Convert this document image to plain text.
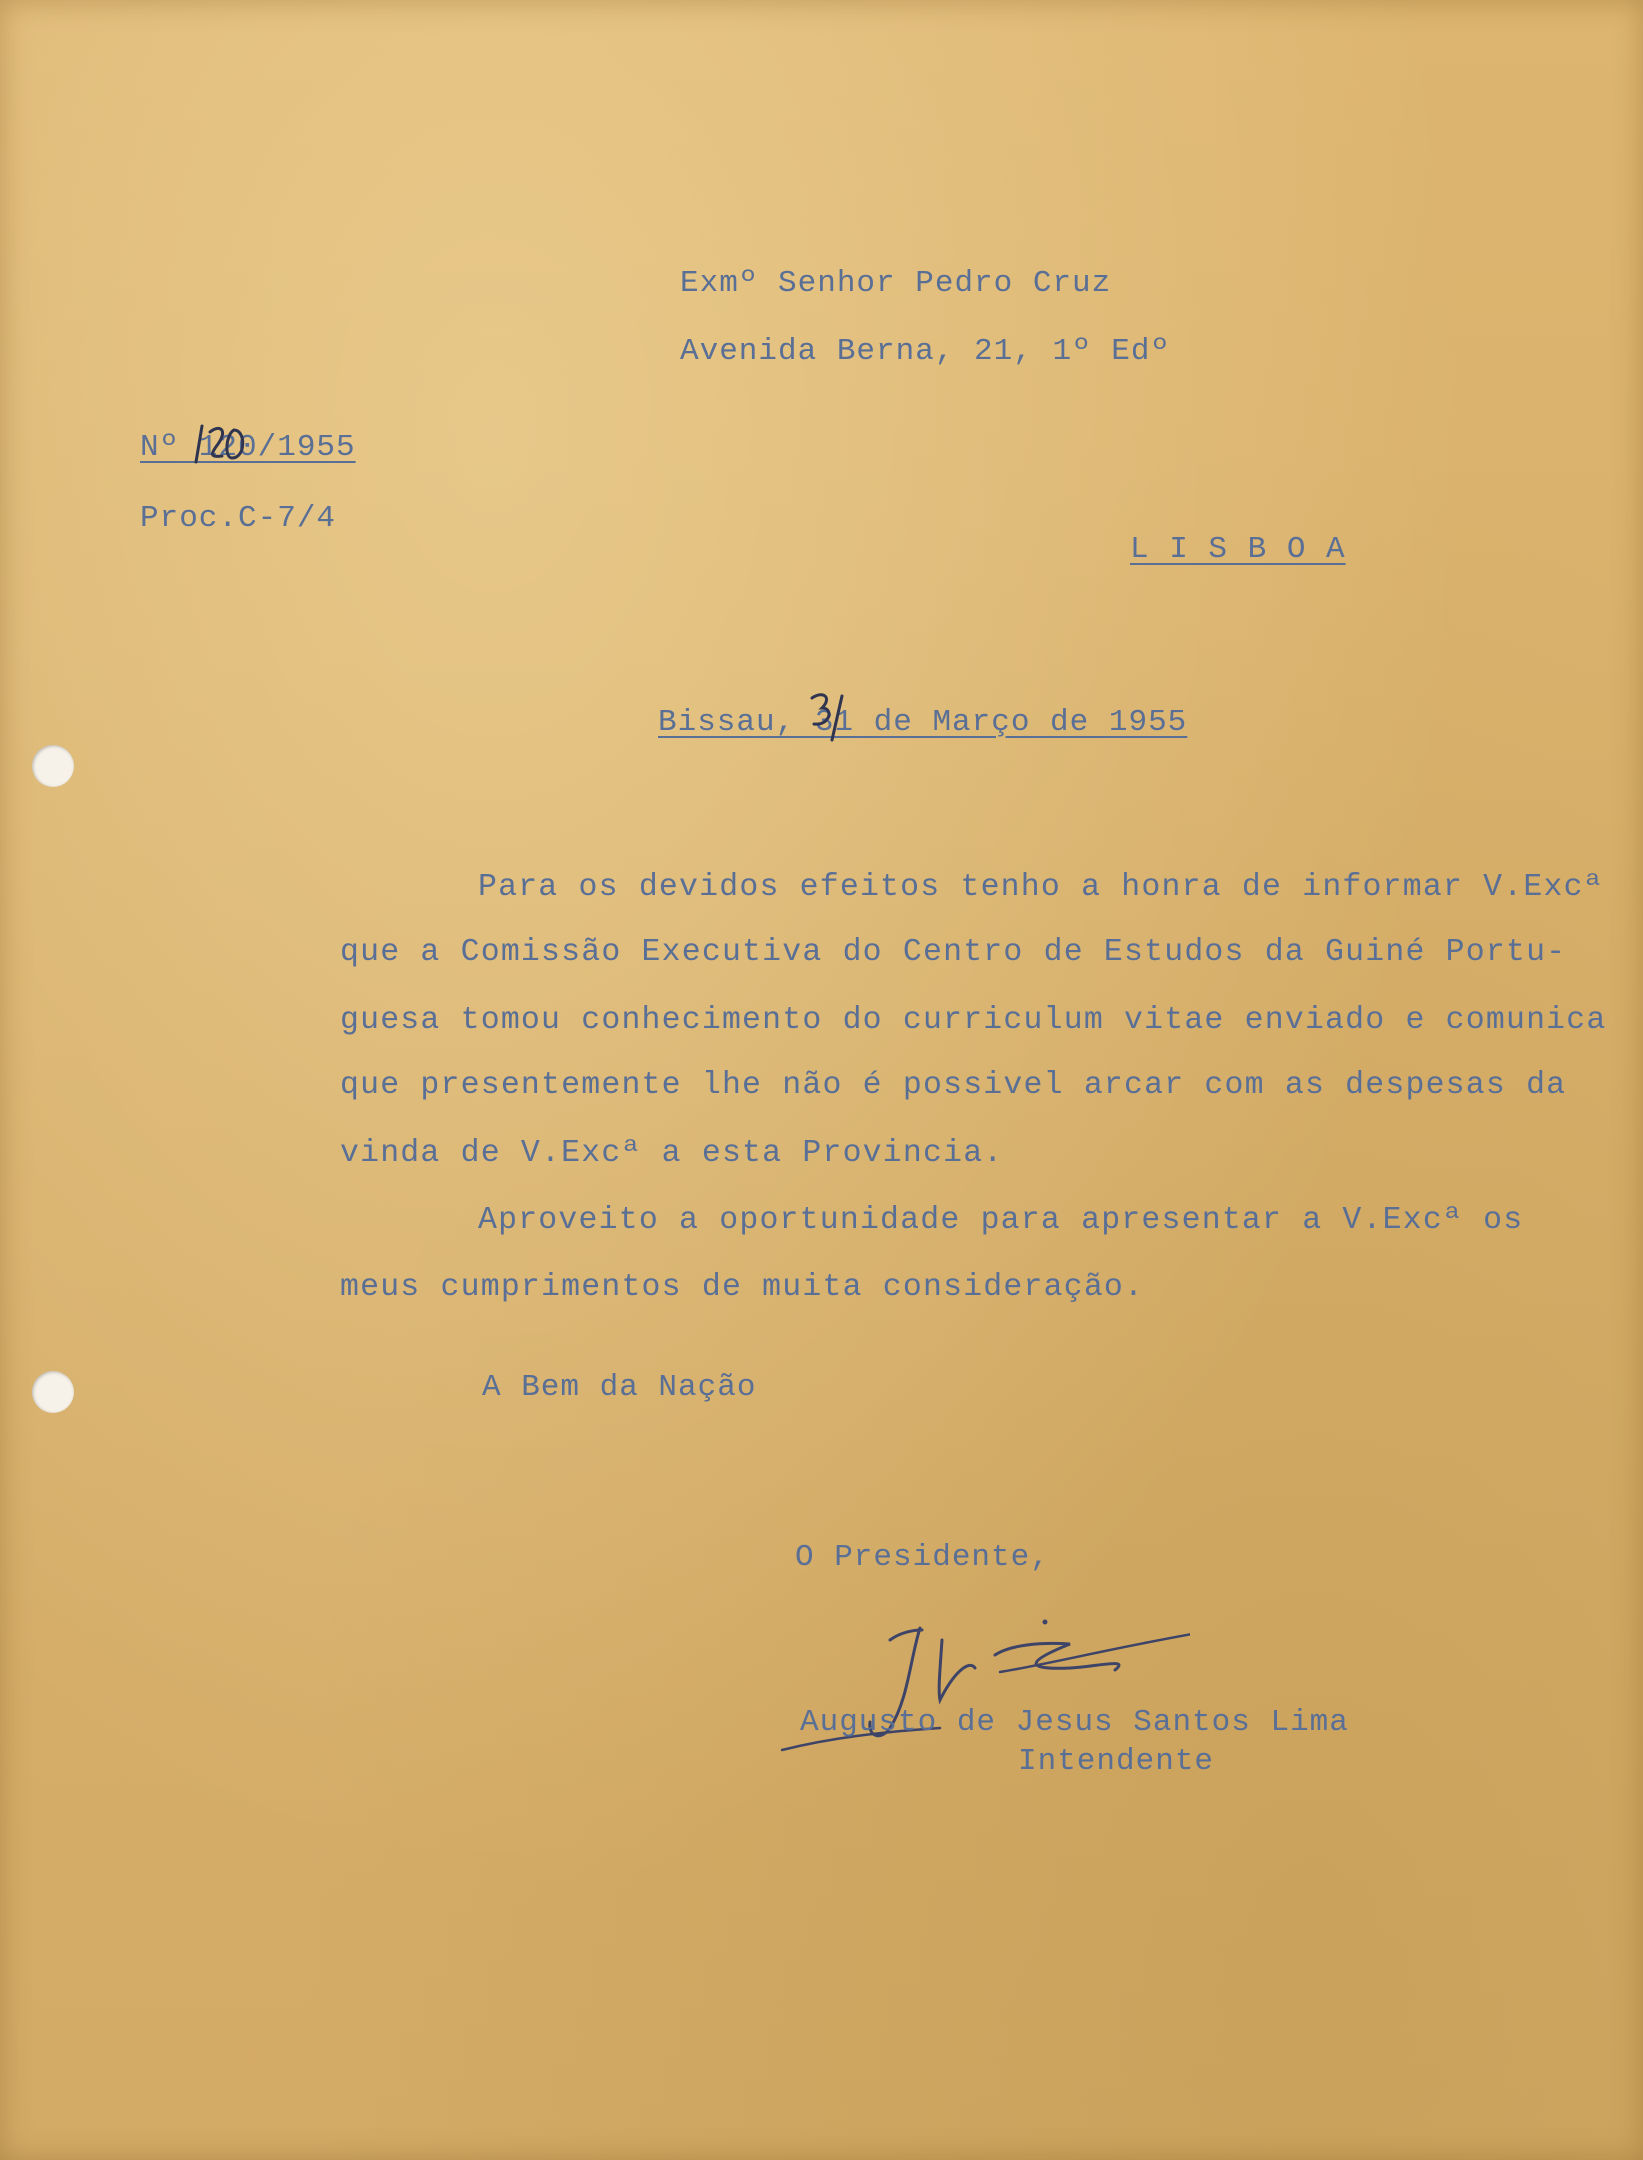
Exmº Senhor Pedro Cruz
Avenida Berna, 21, 1º Edº
Nº 120/1955
Proc.C-7/4
L I S B O A
Bissau, 31 de Março de 1955
Para os devidos efeitos tenho a honra de informar V.Excª
que a Comissão Executiva do Centro de Estudos da Guiné Portu-
guesa tomou conhecimento do curriculum vitae enviado e comunica
que presentemente lhe não é possivel arcar com as despesas da
vinda de V.Excª a esta Provincia.
Aproveito a oportunidade para apresentar a V.Excª os
meus cumprimentos de muita consideração.
A Bem da Nação
O Presidente,
Augusto de Jesus Santos Lima
Intendente
